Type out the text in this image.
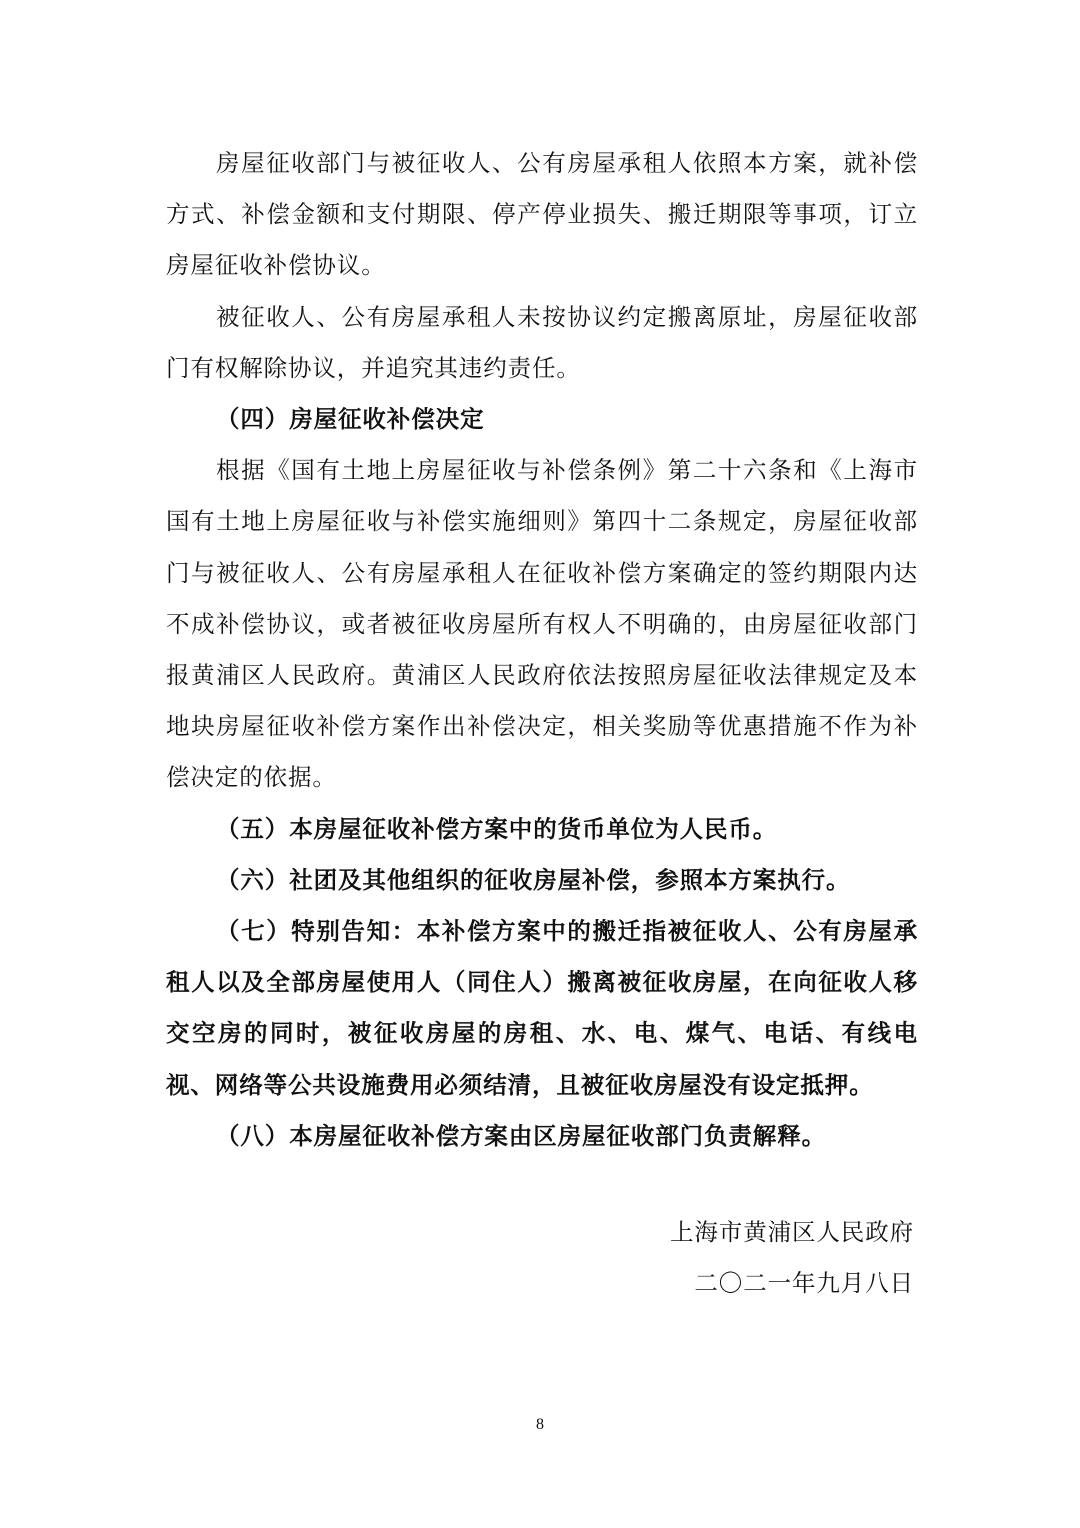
房屋征收部门与被征收人、公有房屋承租人依照本方案，就补偿方式、补偿金额和支付期限、停产停业损失、搬迁期限等事项，订立房屋征收补偿协议。

被征收人、公有房屋承租人未按协议约定搬离原址，房屋征收部门有权解除协议，并追究其违约责任。

（四）房屋征收补偿决定

根据《国有土地上房屋征收与补偿条例》第二十六条和《上海市国有土地上房屋征收与补偿实施细则》第四十二条规定，房屋征收部门与被征收人、公有房屋承租人在征收补偿方案确定的签约期限内达不成补偿协议，或者被征收房屋所有权人不明确的，由房屋征收部门报黄浦区人民政府。黄浦区人民政府依法按照房屋征收法律规定及本地块房屋征收补偿方案作出补偿决定，相关奖励等优惠措施不作为补偿决定的依据。

（五）本房屋征收补偿方案中的货币单位为人民币。

（六）社团及其他组织的征收房屋补偿，参照本方案执行。

（七）特别告知：本补偿方案中的搬迁指被征收人、公有房屋承租人以及全部房屋使用人（同住人）搬离被征收房屋，在向征收人移交空房的同时，被征收房屋的房租、水、电、煤气、电话、有线电视、网络等公共设施费用必须结清，且被征收房屋没有设定抵押。

（八）本房屋征收补偿方案由区房屋征收部门负责解释。

上海市黄浦区人民政府
二〇二一年九月八日
8
